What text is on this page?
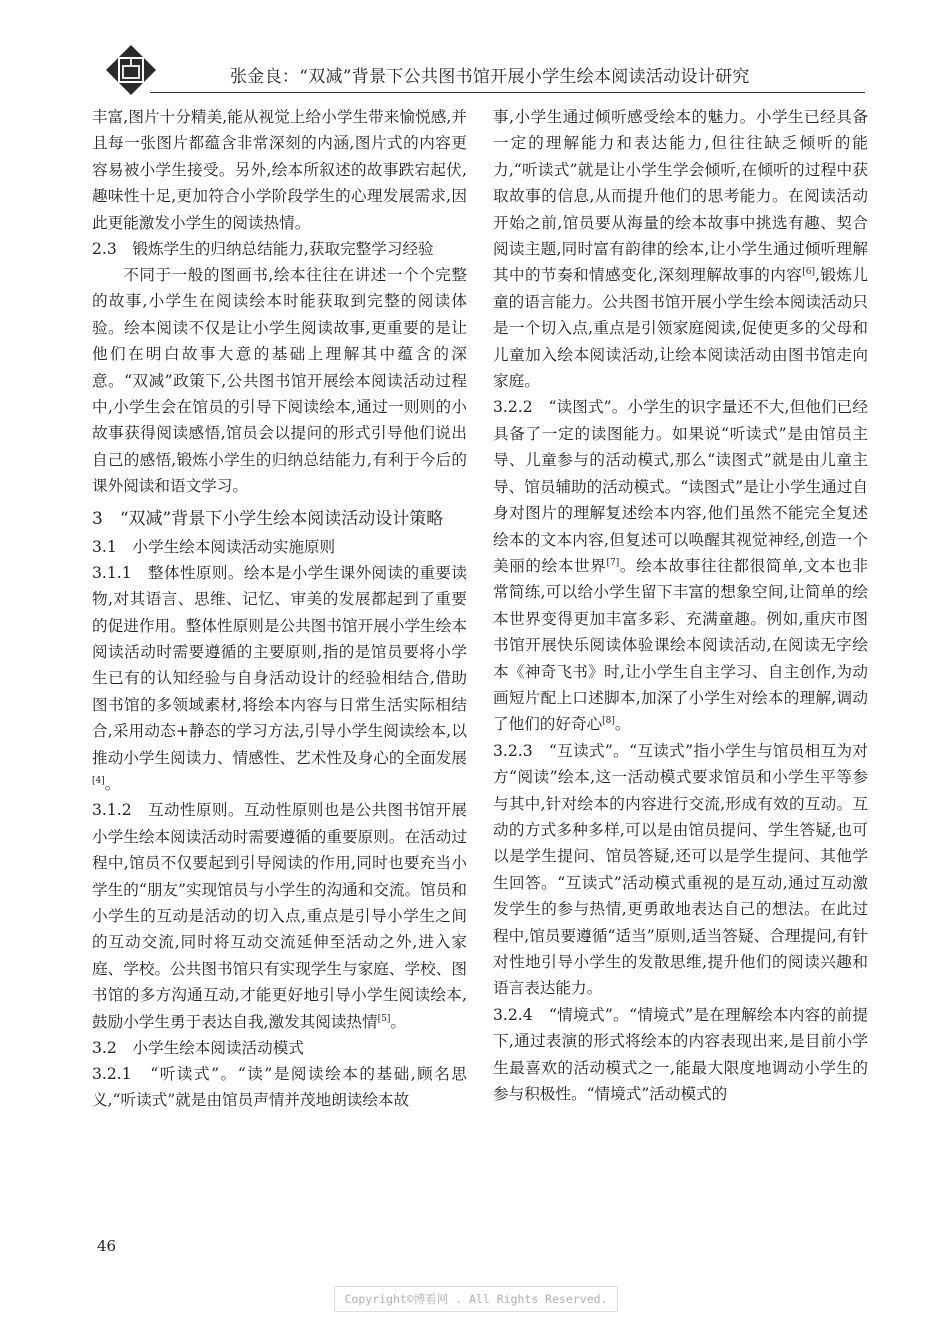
张金良：“双减”背景下公共图书馆开展小学生绘本阅读活动设计研究

丰富,图片十分精美,能从视觉上给小学生带来愉悦感,并且每一张图片都蕴含非常深刻的内涵,图片式的内容更容易被小学生接受。另外,绘本所叙述的故事跌宕起伏,趣味性十足,更加符合小学阶段学生的心理发展需求,因此更能激发小学生的阅读热情。

2.3　锻炼学生的归纳总结能力,获取完整学习经验

不同于一般的图画书,绘本往往在讲述一个个完整的故事,小学生在阅读绘本时能获取到完整的阅读体验。绘本阅读不仅是让小学生阅读故事,更重要的是让他们在明白故事大意的基础上理解其中蕴含的深意。“双减”政策下,公共图书馆开展绘本阅读活动过程中,小学生会在馆员的引导下阅读绘本,通过一则则的小故事获得阅读感悟,馆员会以提问的形式引导他们说出自己的感悟,锻炼小学生的归纳总结能力,有利于今后的课外阅读和语文学习。

3　“双减”背景下小学生绘本阅读活动设计策略
3.1　小学生绘本阅读活动实施原则

3.1.1　整体性原则。绘本是小学生课外阅读的重要读物,对其语言、思维、记忆、审美的发展都起到了重要的促进作用。整体性原则是公共图书馆开展小学生绘本阅读活动时需要遵循的主要原则,指的是馆员要将小学生已有的认知经验与自身活动设计的经验相结合,借助图书馆的多领域素材,将绘本内容与日常生活实际相结合,采用动态+静态的学习方法,引导小学生阅读绘本,以推动小学生阅读力、情感性、艺术性及身心的全面发展[4]。

3.1.2　互动性原则。互动性原则也是公共图书馆开展小学生绘本阅读活动时需要遵循的重要原则。在活动过程中,馆员不仅要起到引导阅读的作用,同时也要充当小学生的“朋友”实现馆员与小学生的沟通和交流。馆员和小学生的互动是活动的切入点,重点是引导小学生之间的互动交流,同时将互动交流延伸至活动之外,进入家庭、学校。公共图书馆只有实现学生与家庭、学校、图书馆的多方沟通互动,才能更好地引导小学生阅读绘本,鼓励小学生勇于表达自我,激发其阅读热情[5]。

3.2　小学生绘本阅读活动模式

3.2.1　“听读式”。“读”是阅读绘本的基础,顾名思义,“听读式”就是由馆员声情并茂地朗读绘本故

事,小学生通过倾听感受绘本的魅力。小学生已经具备一定的理解能力和表达能力,但往往缺乏倾听的能力,“听读式”就是让小学生学会倾听,在倾听的过程中获取故事的信息,从而提升他们的思考能力。在阅读活动开始之前,馆员要从海量的绘本故事中挑选有趣、契合阅读主题,同时富有韵律的绘本,让小学生通过倾听理解其中的节奏和情感变化,深刻理解故事的内容[6],锻炼儿童的语言能力。公共图书馆开展小学生绘本阅读活动只是一个切入点,重点是引领家庭阅读,促使更多的父母和儿童加入绘本阅读活动,让绘本阅读活动由图书馆走向家庭。

3.2.2　“读图式”。小学生的识字量还不大,但他们已经具备了一定的读图能力。如果说“听读式”是由馆员主导、儿童参与的活动模式,那么“读图式”就是由儿童主导、馆员辅助的活动模式。“读图式”是让小学生通过自身对图片的理解复述绘本内容,他们虽然不能完全复述绘本的文本内容,但复述可以唤醒其视觉神经,创造一个美丽的绘本世界[7]。绘本故事往往都很简单,文本也非常简练,可以给小学生留下丰富的想象空间,让简单的绘本世界变得更加丰富多彩、充满童趣。例如,重庆市图书馆开展快乐阅读体验课绘本阅读活动,在阅读无字绘本《神奇飞书》时,让小学生自主学习、自主创作,为动画短片配上口述脚本,加深了小学生对绘本的理解,调动了他们的好奇心[8]。

3.2.3　“互读式”。“互读式”指小学生与馆员相互为对方“阅读”绘本,这一活动模式要求馆员和小学生平等参与其中,针对绘本的内容进行交流,形成有效的互动。互动的方式多种多样,可以是由馆员提问、学生答疑,也可以是学生提问、馆员答疑,还可以是学生提问、其他学生回答。“互读式”活动模式重视的是互动,通过互动激发学生的参与热情,更勇敢地表达自己的想法。在此过程中,馆员要遵循“适当”原则,适当答疑、合理提问,有针对性地引导小学生的发散思维,提升他们的阅读兴趣和语言表达能力。

3.2.4　“情境式”。“情境式”是在理解绘本内容的前提下,通过表演的形式将绘本的内容表现出来,是目前小学生最喜欢的活动模式之一,能最大限度地调动小学生的参与积极性。“情境式”活动模式的

46
Copyright©博看网 . All Rights Reserved.
